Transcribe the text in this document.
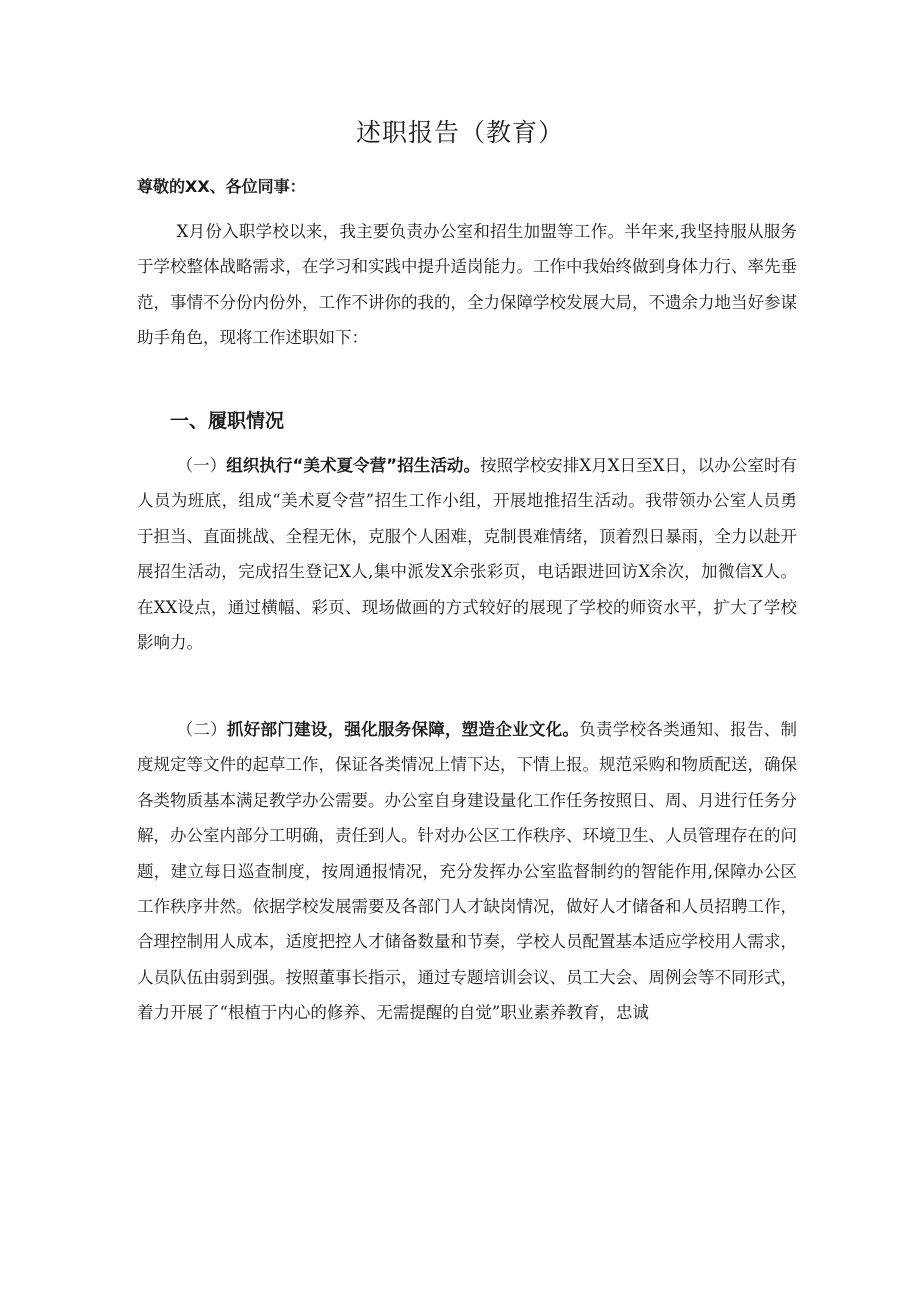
述职报告（教育）
尊敬的XX、各位同事：

X月份入职学校以来，我主要负责办公室和招生加盟等工作。半年来,我坚持服从服务于学校整体战略需求，在学习和实践中提升适岗能力。工作中我始终做到身体力行、率先垂范，事情不分份内份外，工作不讲你的我的，全力保障学校发展大局，不遗余力地当好参谋助手角色，现将工作述职如下：

一、履职情况

（一）组织执行“美术夏令营”招生活动。按照学校安排X月X日至X日，以办公室时有人员为班底，组成“美术夏令营”招生工作小组，开展地推招生活动。我带领办公室人员勇于担当、直面挑战、全程无休，克服个人困难，克制畏难情绪，顶着烈日暴雨，全力以赴开展招生活动，完成招生登记X人,集中派发X余张彩页，电话跟进回访X余次，加微信X人。在XX设点，通过横幅、彩页、现场做画的方式较好的展现了学校的师资水平，扩大了学校影响力。

（二）抓好部门建设，强化服务保障，塑造企业文化。负责学校各类通知、报告、制度规定等文件的起草工作，保证各类情况上情下达，下情上报。规范采购和物质配送，确保各类物质基本满足教学办公需要。办公室自身建设量化工作任务按照日、周、月进行任务分解，办公室内部分工明确，责任到人。针对办公区工作秩序、环境卫生、人员管理存在的问题，建立每日巡查制度，按周通报情况，充分发挥办公室监督制约的智能作用,保障办公区工作秩序井然。依据学校发展需要及各部门人才缺岗情况，做好人才储备和人员招聘工作，合理控制用人成本，适度把控人才储备数量和节奏，学校人员配置基本适应学校用人需求，人员队伍由弱到强。按照董事长指示，通过专题培训会议、员工大会、周例会等不同形式，着力开展了“根植于内心的修养、无需提醒的自觉”职业素养教育，忠诚
